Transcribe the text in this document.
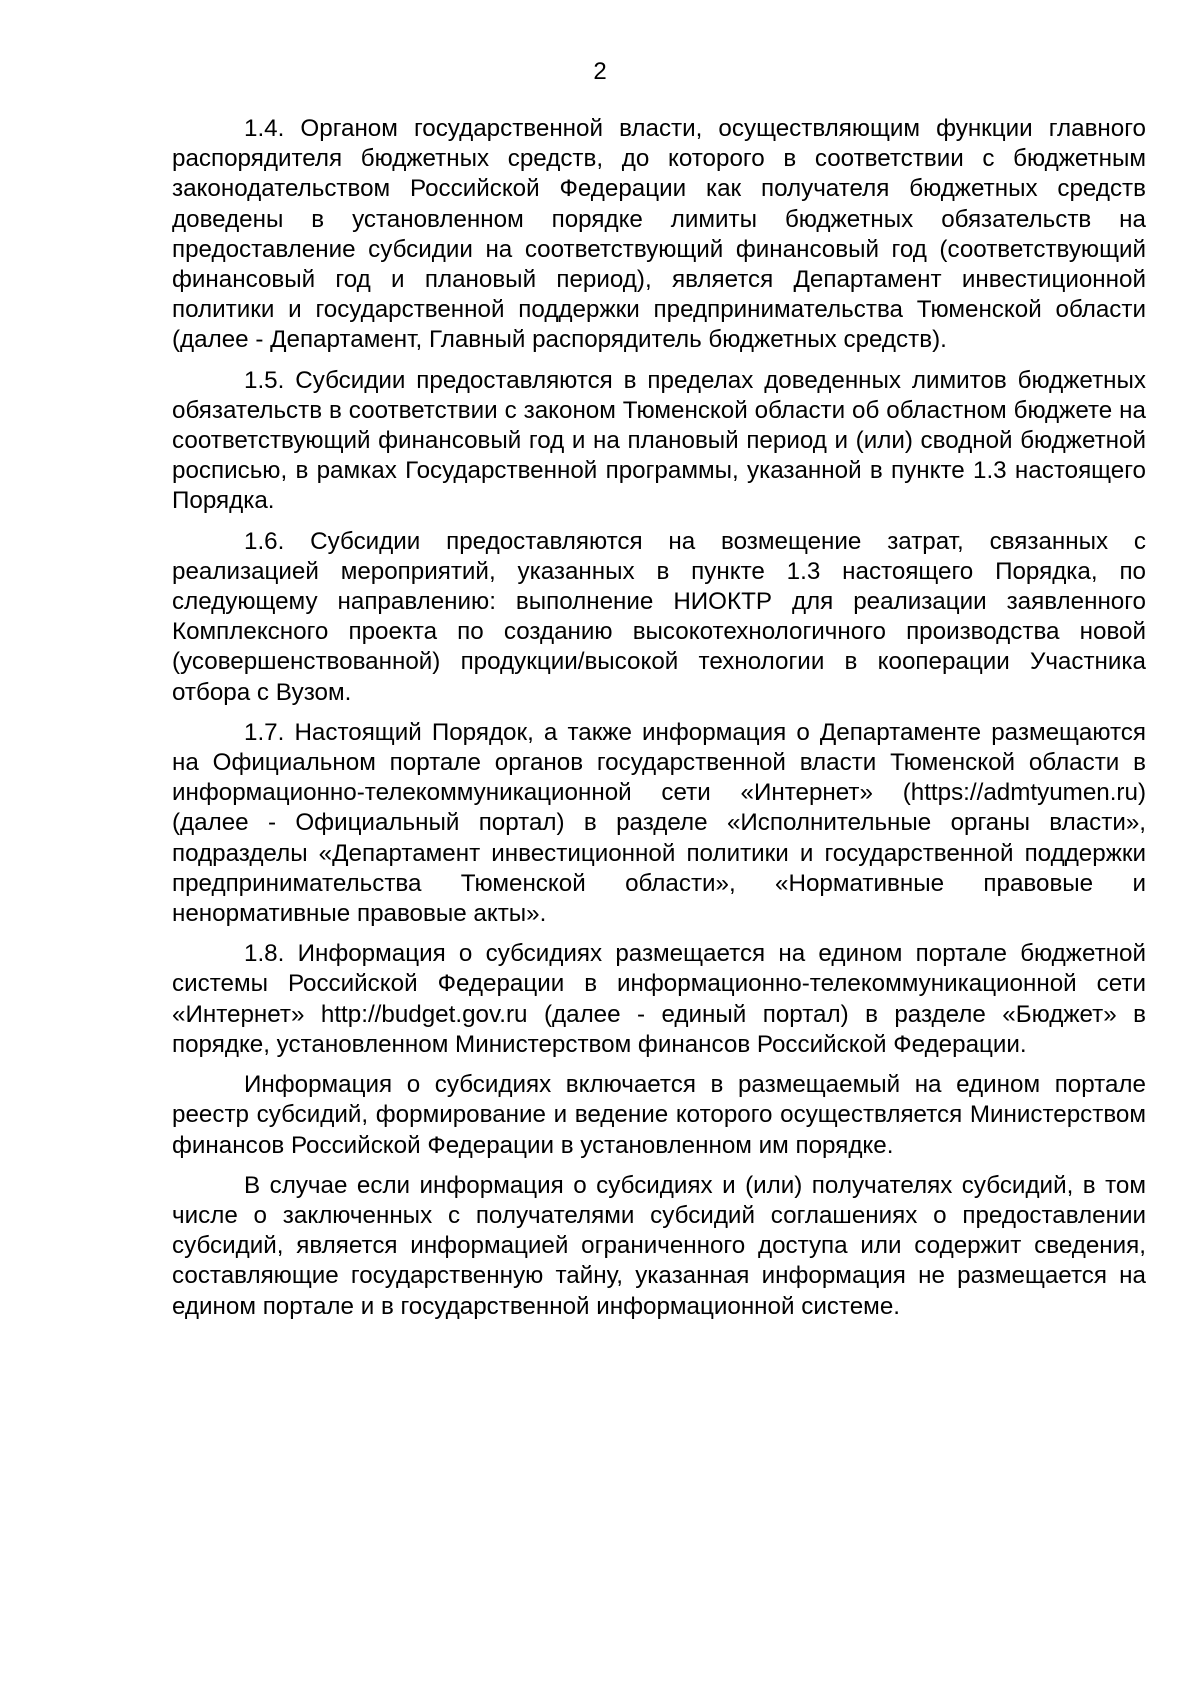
2

1.4. Органом государственной власти, осуществляющим функции главного распорядителя бюджетных средств, до которого в соответствии с бюджетным законодательством Российской Федерации как получателя бюджетных средств доведены в установленном порядке лимиты бюджетных обязательств на предоставление субсидии на соответствующий финансовый год (соответствующий финансовый год и плановый период), является Департамент инвестиционной политики и государственной поддержки предпринимательства Тюменской области (далее - Департамент, Главный распорядитель бюджетных средств).

1.5. Субсидии предоставляются в пределах доведенных лимитов бюджетных обязательств в соответствии с законом Тюменской области об областном бюджете на соответствующий финансовый год и на плановый период и (или) сводной бюджетной росписью, в рамках Государственной программы, указанной в пункте 1.3 настоящего Порядка.

1.6. Субсидии предоставляются на возмещение затрат, связанных с реализацией мероприятий, указанных в пункте 1.3 настоящего Порядка, по следующему направлению: выполнение НИОКТР для реализации заявленного Комплексного проекта по созданию высокотехнологичного производства новой (усовершенствованной) продукции/высокой технологии в кооперации Участника отбора с Вузом.

1.7. Настоящий Порядок, а также информация о Департаменте размещаются на Официальном портале органов государственной власти Тюменской области в информационно-телекоммуникационной сети «Интернет» (https://admtyumen.ru) (далее - Официальный портал) в разделе «Исполнительные органы власти», подразделы «Департамент инвестиционной политики и государственной поддержки предпринимательства Тюменской области», «Нормативные правовые и ненормативные правовые акты».

1.8. Информация о субсидиях размещается на едином портале бюджетной системы Российской Федерации в информационно-телекоммуникационной сети «Интернет» http://budget.gov.ru (далее - единый портал) в разделе «Бюджет» в порядке, установленном Министерством финансов Российской Федерации.

Информация о субсидиях включается в размещаемый на едином портале реестр субсидий, формирование и ведение которого осуществляется Министерством финансов Российской Федерации в установленном им порядке.

В случае если информация о субсидиях и (или) получателях субсидий, в том числе о заключенных с получателями субсидий соглашениях о предоставлении субсидий, является информацией ограниченного доступа или содержит сведения, составляющие государственную тайну, указанная информация не размещается на едином портале и в государственной информационной системе.
